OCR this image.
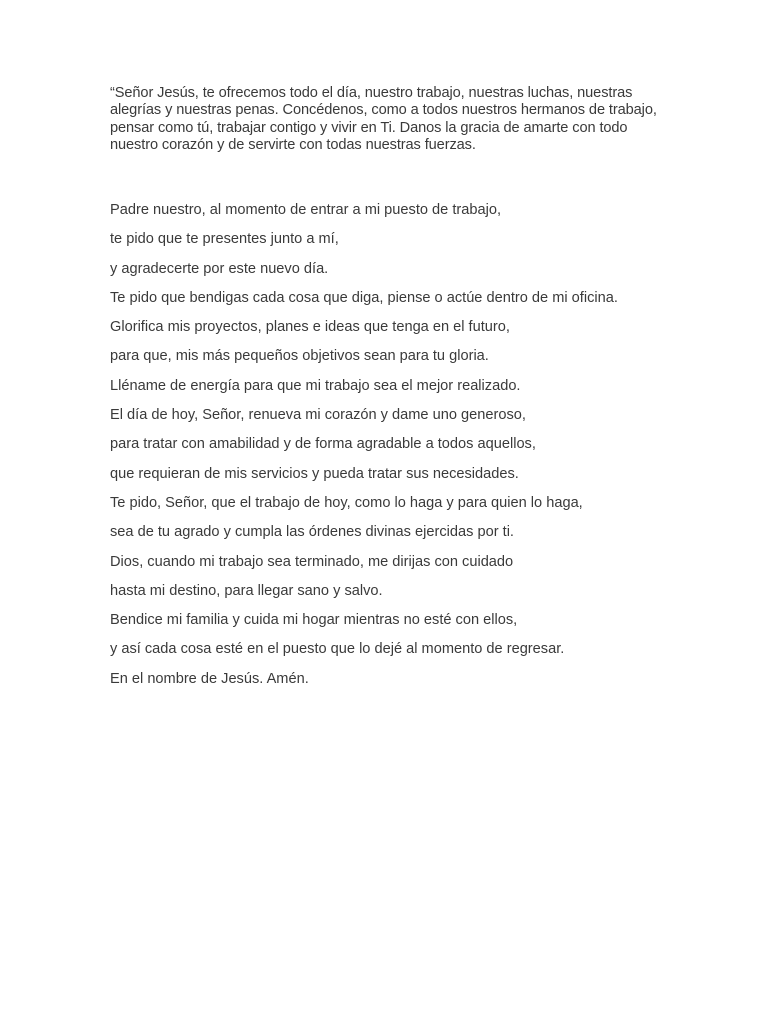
“Señor Jesús, te ofrecemos todo el día, nuestro trabajo, nuestras luchas, nuestras
alegrías y nuestras penas. Concédenos, como a todos nuestros hermanos de trabajo,
pensar como tú, trabajar contigo y vivir en Ti. Danos la gracia de amarte con todo
nuestro corazón y de servirte con todas nuestras fuerzas.
Padre nuestro, al momento de entrar a mi puesto de trabajo,
te pido que te presentes junto a mí,
y agradecerte por este nuevo día.
Te pido que bendigas cada cosa que diga, piense o actúe dentro de mi oficina.
Glorifica mis proyectos, planes e ideas que tenga en el futuro,
para que, mis más pequeños objetivos sean para tu gloria.
Lléname de energía para que mi trabajo sea el mejor realizado.
El día de hoy, Señor, renueva mi corazón y dame uno generoso,
para tratar con amabilidad y de forma agradable a todos aquellos,
que requieran de mis servicios y pueda tratar sus necesidades.
Te pido, Señor, que el trabajo de hoy, como lo haga y para quien lo haga,
sea de tu agrado y cumpla las órdenes divinas ejercidas por ti.
Dios, cuando mi trabajo sea terminado, me dirijas con cuidado
hasta mi destino, para llegar sano y salvo.
Bendice mi familia y cuida mi hogar mientras no esté con ellos,
y así cada cosa esté en el puesto que lo dejé al momento de regresar.
En el nombre de Jesús. Amén.
